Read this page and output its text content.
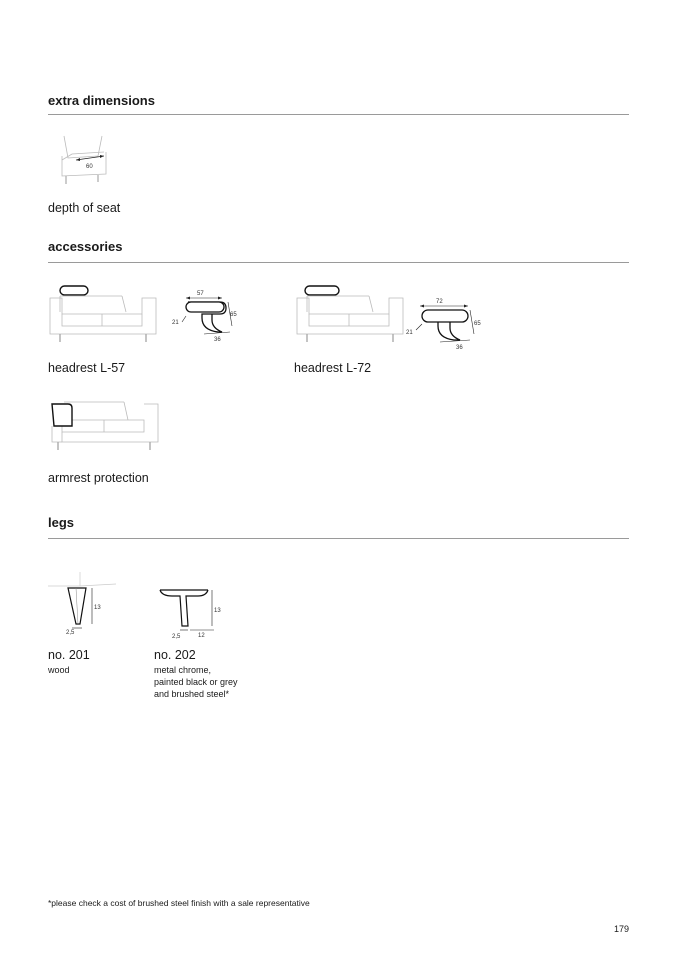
extra dimensions
60
depth of seat
accessories
57
65
21
36
headrest L-57
72
65
21
36
headrest L-72
armrest protection
legs
13
2,5
no. 201
wood
13
2,5	12
no. 202
metal chrome,
painted black or grey
and brushed steel*
*please check a cost of brushed steel finish with a sale representative
179
